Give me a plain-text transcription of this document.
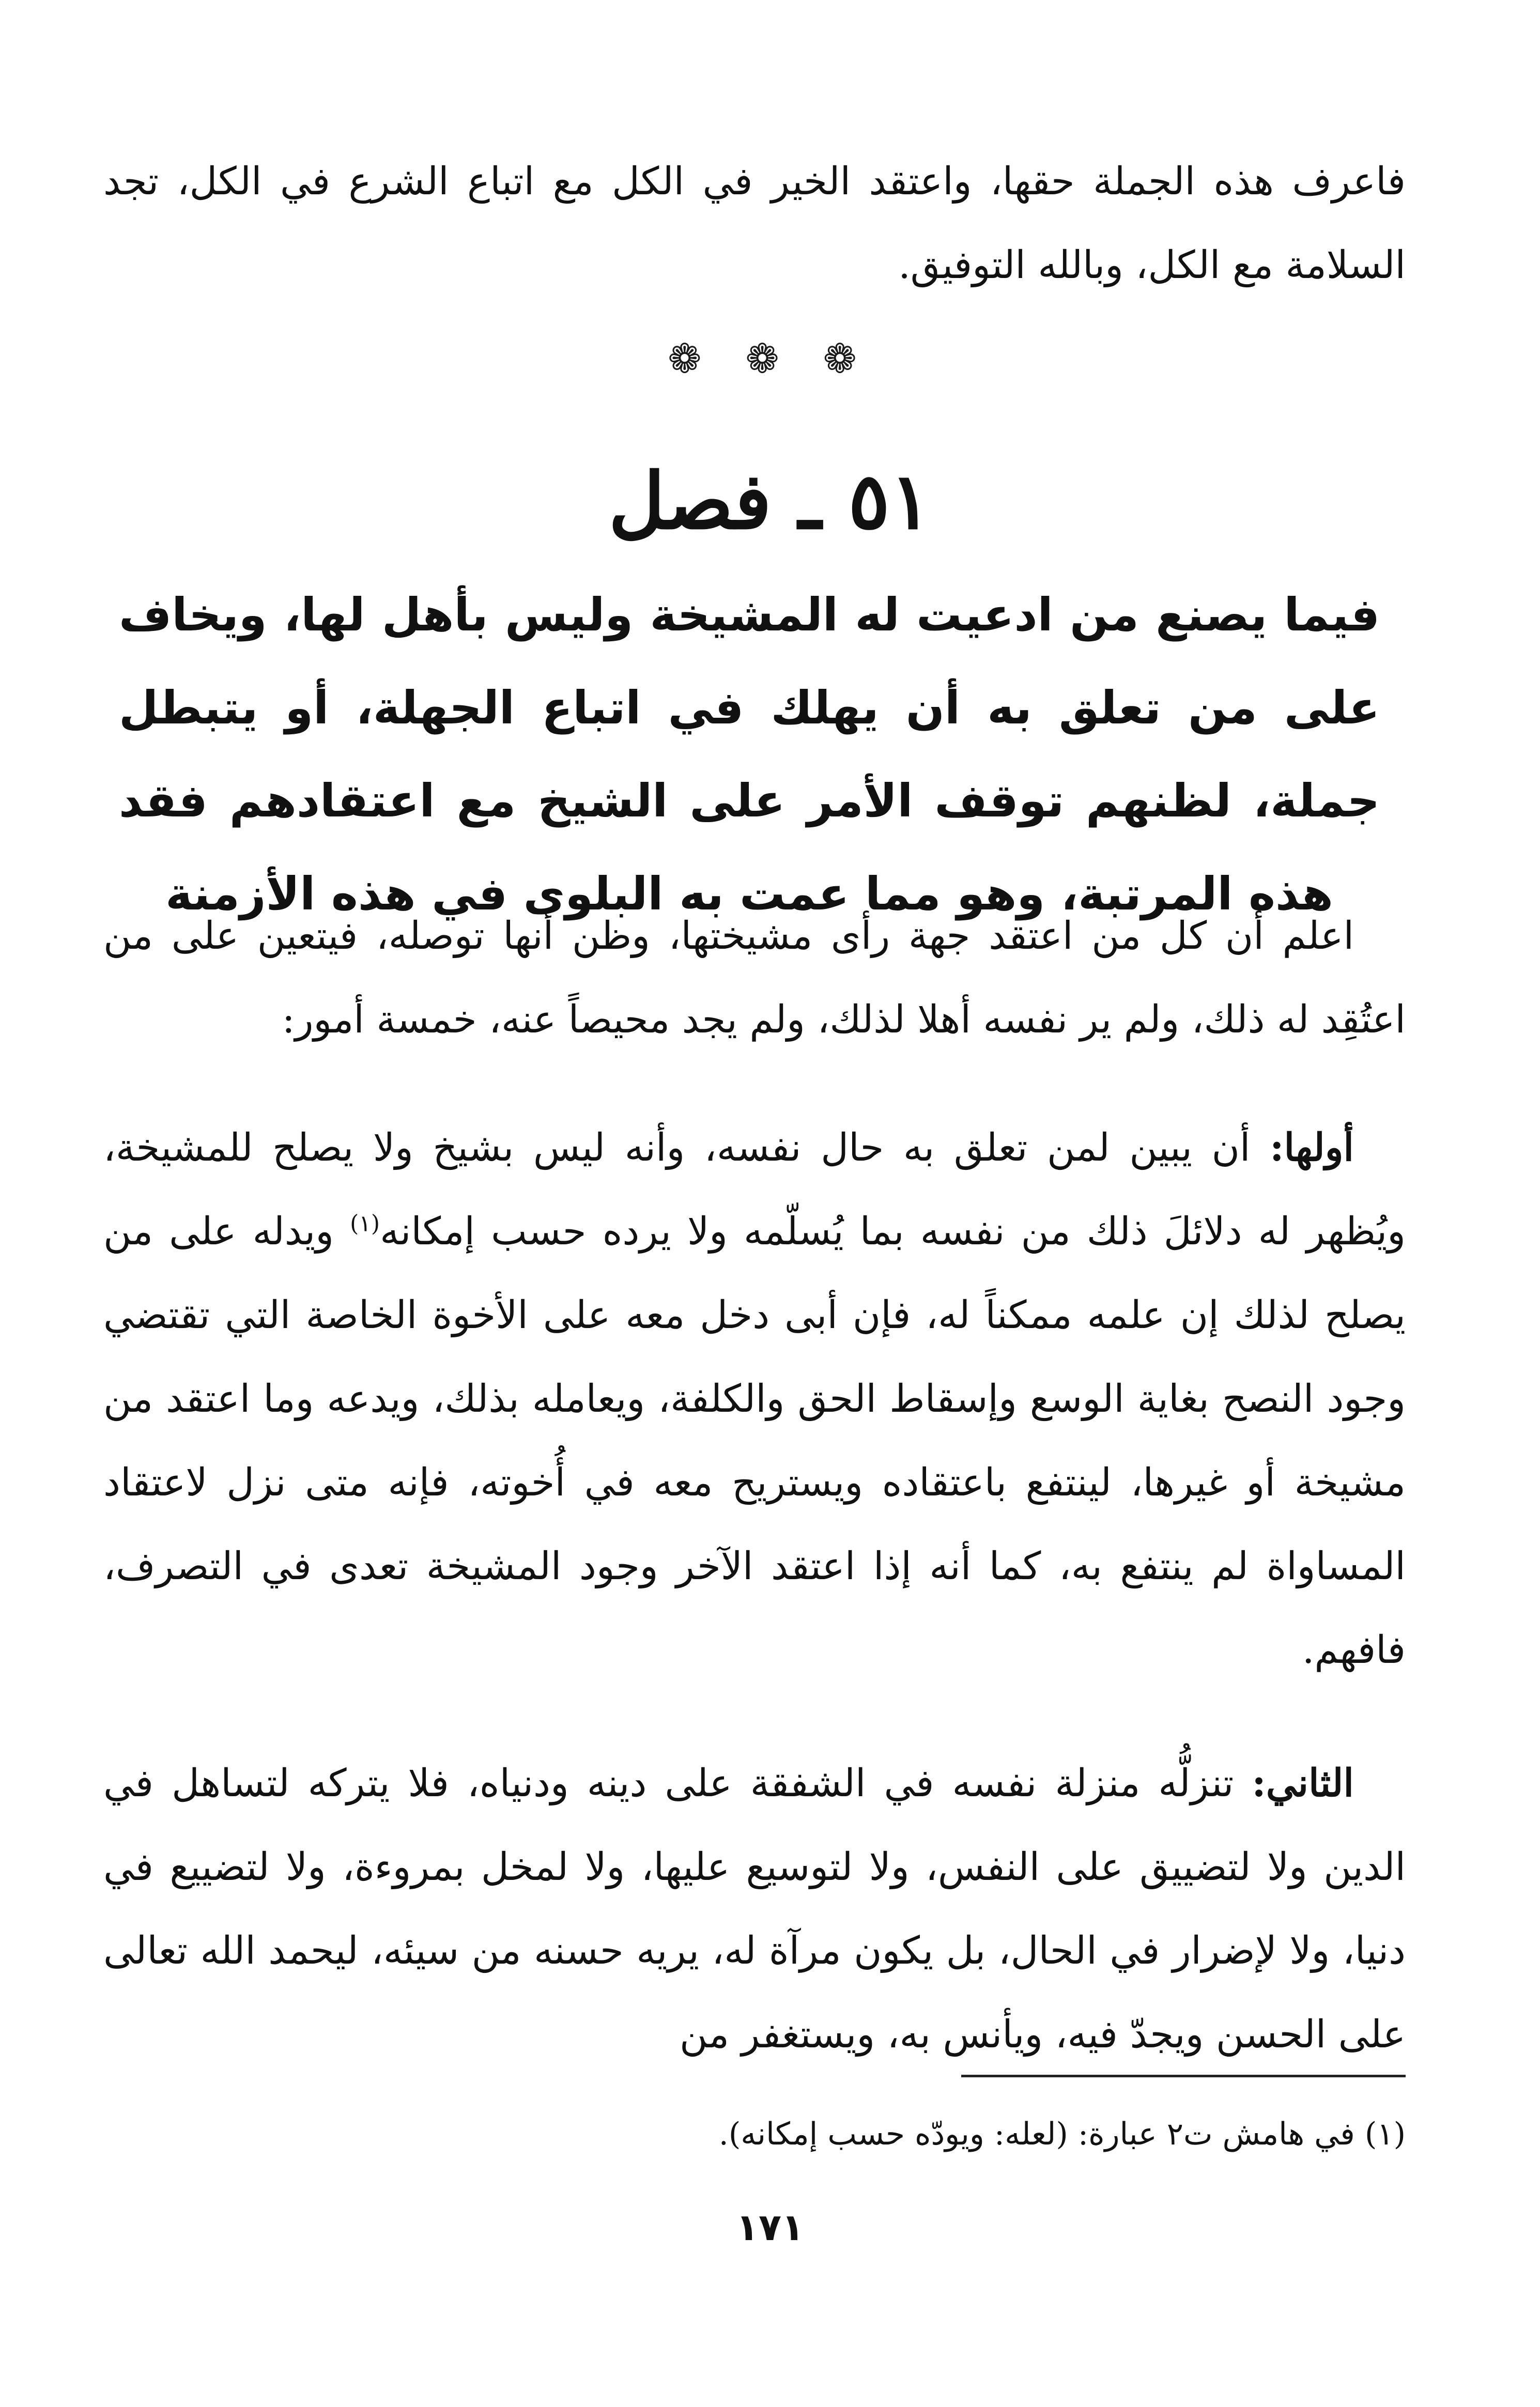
فاعرف هذه الجملة حقها، واعتقد الخير في الكل مع اتباع الشرع في الكل، تجد السلامة مع الكل، وبالله التوفيق.

❁ ❁ ❁
٥١ ـ فصل

فيما يصنع من ادعيت له المشيخة وليس بأهل لها، ويخاف على من تعلق به أن يهلك في اتباع الجهلة، أو يتبطل جملة، لظنهم توقف الأمر على الشيخ مع اعتقادهم فقد هذه المرتبة، وهو مما عمت به البلوى في هذه الأزمنة

اعلم أن كل من اعتقد جهة رأى مشيختها، وظن أنها توصله، فيتعين على من اعتُقِد له ذلك، ولم ير نفسه أهلا لذلك، ولم يجد محيصاً عنه، خمسة أمور:

أولها: أن يبين لمن تعلق به حال نفسه، وأنه ليس بشيخ ولا يصلح للمشيخة، ويُظهر له دلائلَ ذلك من نفسه بما يُسلّمه ولا يرده حسب إمكانه$^{(١)}$ ويدله على من يصلح لذلك إن علمه ممكناً له، فإن أبى دخل معه على الأخوة الخاصة التي تقتضي وجود النصح بغاية الوسع وإسقاط الحق والكلفة، ويعامله بذلك، ويدعه وما اعتقد من مشيخة أو غيرها، لينتفع باعتقاده ويستريح معه في أُخوته، فإنه متى نزل لاعتقاد المساواة لم ينتفع به، كما أنه إذا اعتقد الآخر وجود المشيخة تعدى في التصرف، فافهم.

الثاني: تنزلُّه منزلة نفسه في الشفقة على دينه ودنياه، فلا يتركه لتساهل في الدين ولا لتضييق على النفس، ولا لتوسيع عليها، ولا لمخل بمروءة، ولا لتضييع في دنيا، ولا لإضرار في الحال، بل يكون مرآة له، يريه حسنه من سيئه، ليحمد الله تعالى على الحسن ويجدّ فيه، ويأنس به، ويستغفر من

(١) في هامش ت٢ عبارة: (لعله: ويودّه حسب إمكانه).

١٧١
